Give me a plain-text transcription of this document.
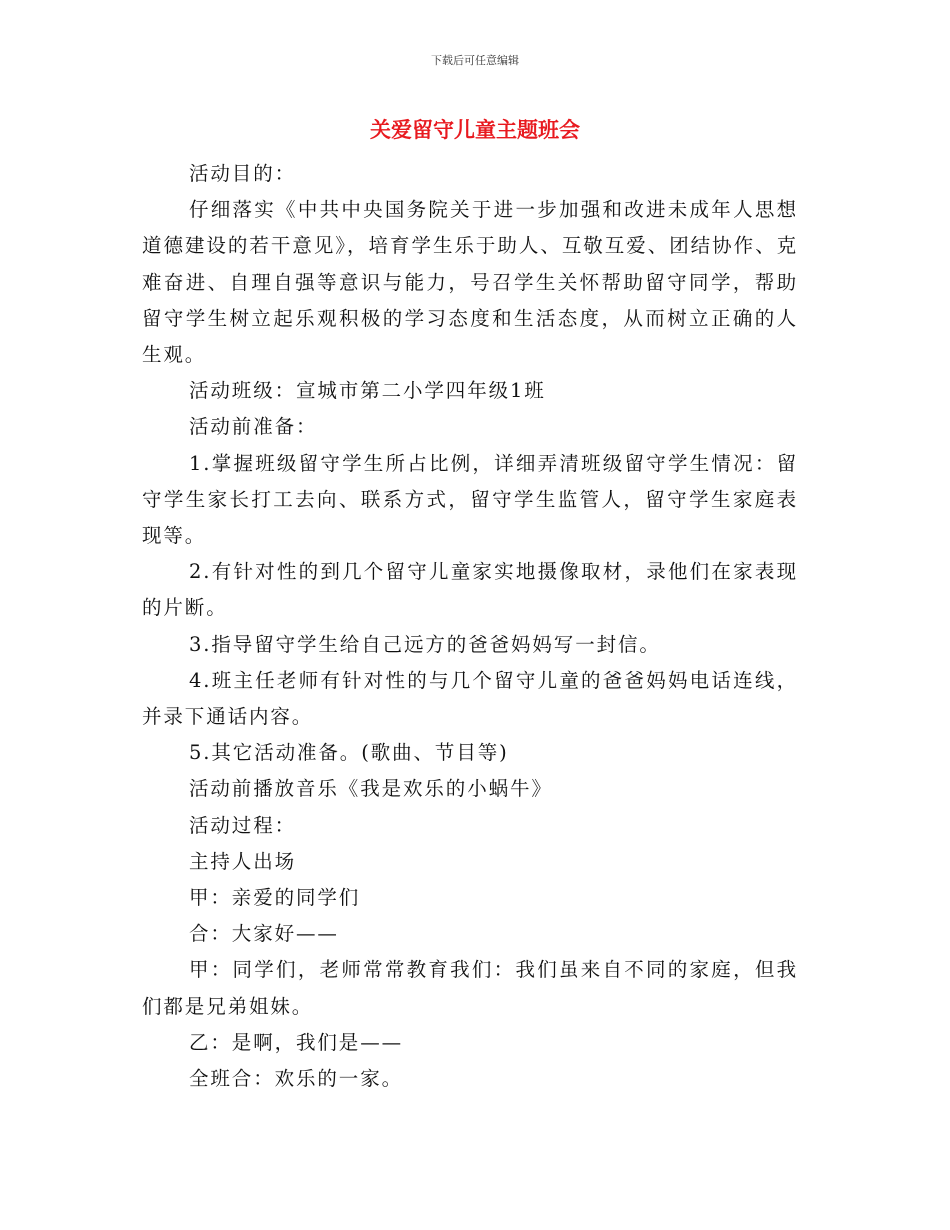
下载后可任意编辑
关爱留守儿童主题班会

活动目的：

仔细落实《中共中央国务院关于进一步加强和改进未成年人思想道德建设的若干意见》，培育学生乐于助人、互敬互爱、团结协作、克难奋进、自理自强等意识与能力，号召学生关怀帮助留守同学，帮助留守学生树立起乐观积极的学习态度和生活态度，从而树立正确的人生观。

活动班级：宣城市第二小学四年级1班

活动前准备：

1.掌握班级留守学生所占比例，详细弄清班级留守学生情况：留守学生家长打工去向、联系方式，留守学生监管人，留守学生家庭表现等。

2.有针对性的到几个留守儿童家实地摄像取材，录他们在家表现的片断。

3.指导留守学生给自己远方的爸爸妈妈写一封信。

4.班主任老师有针对性的与几个留守儿童的爸爸妈妈电话连线，并录下通话内容。

5.其它活动准备。(歌曲、节目等)

活动前播放音乐《我是欢乐的小蜗牛》

活动过程：

主持人出场

甲：亲爱的同学们

合：大家好——

甲：同学们，老师常常教育我们：我们虽来自不同的家庭，但我们都是兄弟姐妹。

乙：是啊，我们是——

全班合：欢乐的一家。
